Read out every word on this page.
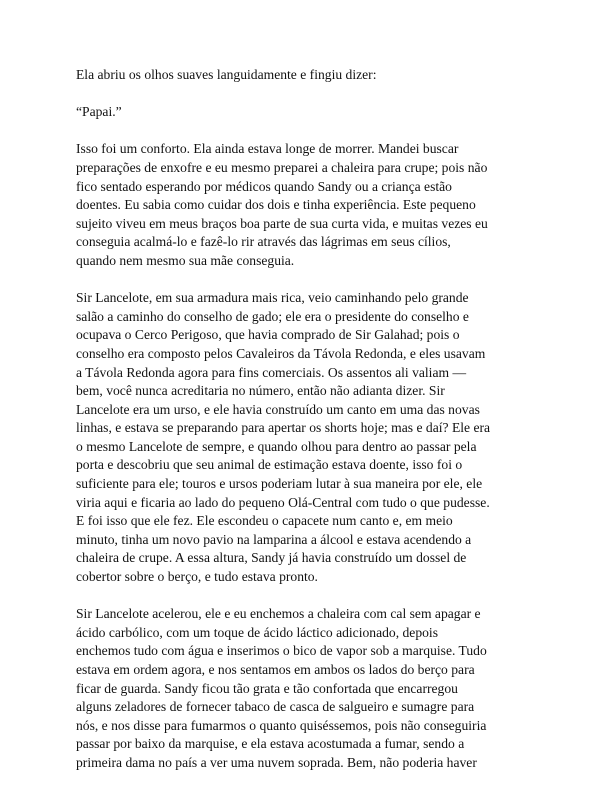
Ela abriu os olhos suaves languidamente e fingiu dizer:
“Papai.”
Isso foi um conforto. Ela ainda estava longe de morrer. Mandei buscar
preparações de enxofre e eu mesmo preparei a chaleira para crupe; pois não
fico sentado esperando por médicos quando Sandy ou a criança estão
doentes. Eu sabia como cuidar dos dois e tinha experiência. Este pequeno
sujeito viveu em meus braços boa parte de sua curta vida, e muitas vezes eu
conseguia acalmá-lo e fazê-lo rir através das lágrimas em seus cílios,
quando nem mesmo sua mãe conseguia.
Sir Lancelote, em sua armadura mais rica, veio caminhando pelo grande
salão a caminho do conselho de gado; ele era o presidente do conselho e
ocupava o Cerco Perigoso, que havia comprado de Sir Galahad; pois o
conselho era composto pelos Cavaleiros da Távola Redonda, e eles usavam
a Távola Redonda agora para fins comerciais. Os assentos ali valiam —
bem, você nunca acreditaria no número, então não adianta dizer. Sir
Lancelote era um urso, e ele havia construído um canto em uma das novas
linhas, e estava se preparando para apertar os shorts hoje; mas e daí? Ele era
o mesmo Lancelote de sempre, e quando olhou para dentro ao passar pela
porta e descobriu que seu animal de estimação estava doente, isso foi o
suficiente para ele; touros e ursos poderiam lutar à sua maneira por ele, ele
viria aqui e ficaria ao lado do pequeno Olá-Central com tudo o que pudesse.
E foi isso que ele fez. Ele escondeu o capacete num canto e, em meio
minuto, tinha um novo pavio na lamparina a álcool e estava acendendo a
chaleira de crupe. A essa altura, Sandy já havia construído um dossel de
cobertor sobre o berço, e tudo estava pronto.
Sir Lancelote acelerou, ele e eu enchemos a chaleira com cal sem apagar e
ácido carbólico, com um toque de ácido láctico adicionado, depois
enchemos tudo com água e inserimos o bico de vapor sob a marquise. Tudo
estava em ordem agora, e nos sentamos em ambos os lados do berço para
ficar de guarda. Sandy ficou tão grata e tão confortada que encarregou
alguns zeladores de fornecer tabaco de casca de salgueiro e sumagre para
nós, e nos disse para fumarmos o quanto quiséssemos, pois não conseguiria
passar por baixo da marquise, e ela estava acostumada a fumar, sendo a
primeira dama no país a ver uma nuvem soprada. Bem, não poderia haver
